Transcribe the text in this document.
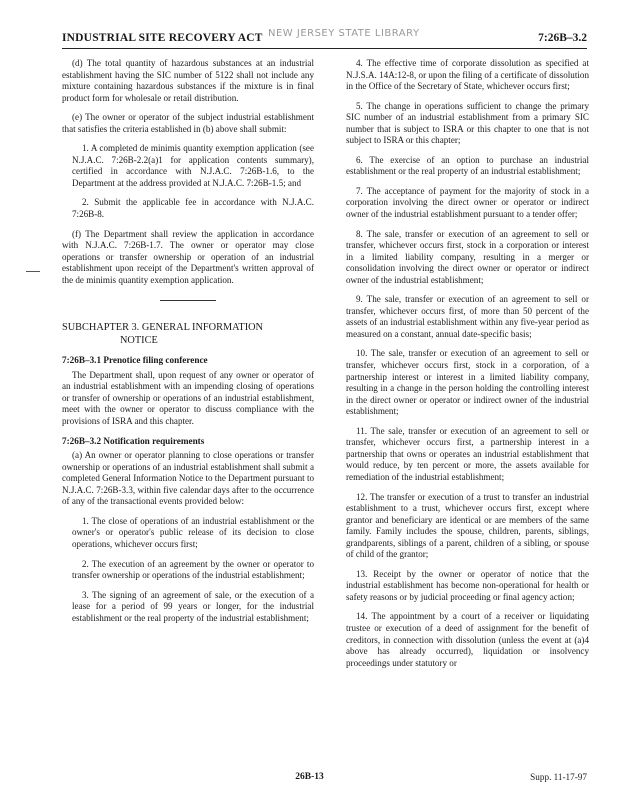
INDUSTRIAL SITE RECOVERY ACT NEW JERSEY STATE LIBRARY	7:26B–3.2

(d) The total quantity of hazardous substances at an industrial establishment having the SIC number of 5122 shall not include any mixture containing hazardous substances if the mixture is in final product form for wholesale or retail distribution.

(e) The owner or operator of the subject industrial establishment that satisfies the criteria established in (b) above shall submit:

1. A completed de minimis quantity exemption application (see N.J.A.C. 7:26B-2.2(a)1 for application contents summary), certified in accordance with N.J.A.C. 7:26B-1.6, to the Department at the address provided at N.J.A.C. 7:26B-1.5; and

2. Submit the applicable fee in accordance with N.J.A.C. 7:26B-8.

(f) The Department shall review the application in accordance with N.J.A.C. 7:26B-1.7. The owner or operator may close operations or transfer ownership or operation of an industrial establishment upon receipt of the Department's written approval of the de minimis quantity exemption application.

SUBCHAPTER 3. GENERAL INFORMATION
NOTICE

7:26B–3.1 Prenotice filing conference

The Department shall, upon request of any owner or operator of an industrial establishment with an impending closing of operations or transfer of ownership or operations of an industrial establishment, meet with the owner or operator to discuss compliance with the provisions of ISRA and this chapter.

7:26B–3.2 Notification requirements

(a) An owner or operator planning to close operations or transfer ownership or operations of an industrial establishment shall submit a completed General Information Notice to the Department pursuant to N.J.A.C. 7:26B-3.3, within five calendar days after to the occurrence of any of the transactional events provided below:

1. The close of operations of an industrial establishment or the owner's or operator's public release of its decision to close operations, whichever occurs first;

2. The execution of an agreement by the owner or operator to transfer ownership or operations of the industrial establishment;

3. The signing of an agreement of sale, or the execution of a lease for a period of 99 years or longer, for the industrial establishment or the real property of the industrial establishment;

4. The effective time of corporate dissolution as specified at N.J.S.A. 14A:12-8, or upon the filing of a certificate of dissolution in the Office of the Secretary of State, whichever occurs first;

5. The change in operations sufficient to change the primary SIC number of an industrial establishment from a primary SIC number that is subject to ISRA or this chapter to one that is not subject to ISRA or this chapter;

6. The exercise of an option to purchase an industrial establishment or the real property of an industrial establishment;

7. The acceptance of payment for the majority of stock in a corporation involving the direct owner or operator or indirect owner of the industrial establishment pursuant to a tender offer;

8. The sale, transfer or execution of an agreement to sell or transfer, whichever occurs first, stock in a corporation or interest in a limited liability company, resulting in a merger or consolidation involving the direct owner or operator or indirect owner of the industrial establishment;

9. The sale, transfer or execution of an agreement to sell or transfer, whichever occurs first, of more than 50 percent of the assets of an industrial establishment within any five-year period as measured on a constant, annual date-specific basis;

10. The sale, transfer or execution of an agreement to sell or transfer, whichever occurs first, stock in a corporation, of a partnership interest or interest in a limited liability company, resulting in a change in the person holding the controlling interest in the direct owner or operator or indirect owner of the industrial establishment;

11. The sale, transfer or execution of an agreement to sell or transfer, whichever occurs first, a partnership interest in a partnership that owns or operates an industrial establishment that would reduce, by ten percent or more, the assets available for remediation of the industrial establishment;

12. The transfer or execution of a trust to transfer an industrial establishment to a trust, whichever occurs first, except where grantor and beneficiary are identical or are members of the same family. Family includes the spouse, children, parents, siblings, grandparents, siblings of a parent, children of a sibling, or spouse of child of the grantor;

13. Receipt by the owner or operator of notice that the industrial establishment has become non-operational for health or safety reasons or by judicial proceeding or final agency action;

14. The appointment by a court of a receiver or liquidating trustee or execution of a deed of assignment for the benefit of creditors, in connection with dissolution (unless the event at (a)4 above has already occurred), liquidation or insolvency proceedings under statutory or

26B-13	Supp. 11-17-97
